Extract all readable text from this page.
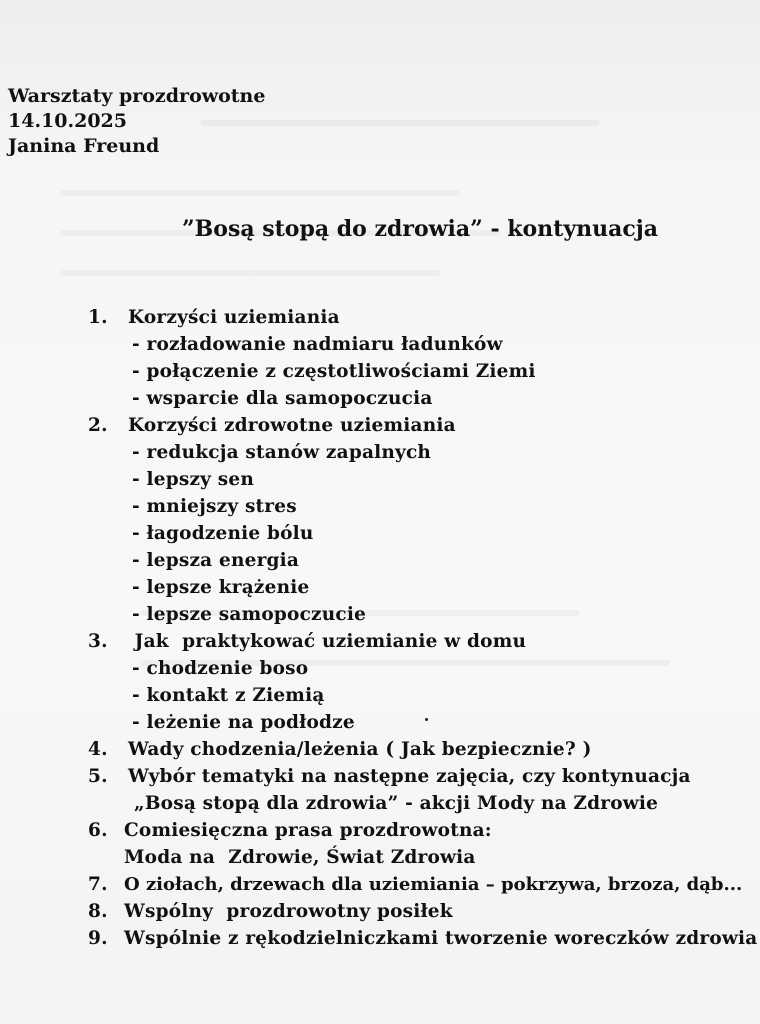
Warsztaty prozdrowotne
14.10.2025
Janina Freund
”Bosą stopą do zdrowia” - kontynuacja
1.	Korzyści uziemiania
- rozładowanie nadmiaru ładunków
- połączenie z częstotliwościami Ziemi
- wsparcie dla samopoczucia
2.	Korzyści zdrowotne uziemiania
- redukcja stanów zapalnych
- lepszy sen
- mniejszy stres
- łagodzenie bólu
- lepsza energia
- lepsze krążenie
- lepsze samopoczucie
3.	Jak  praktykować uziemianie w domu
- chodzenie boso
- kontakt z Ziemią
- leżenie na podłodze
4.	Wady chodzenia/leżenia ( Jak bezpiecznie? )
5.	Wybór tematyki na następne zajęcia, czy kontynuacja
„Bosą stopą dla zdrowia” - akcji Mody na Zdrowie
6. Comiesięczna prasa prozdrowotna:
Moda na  Zdrowie, Świat Zdrowia
7. O ziołach, drzewach dla uziemiania – pokrzywa, brzoza, dąb...
8. Wspólny  prozdrowotny posiłek
9. Wspólnie z rękodzielniczkami tworzenie woreczków zdrowia
